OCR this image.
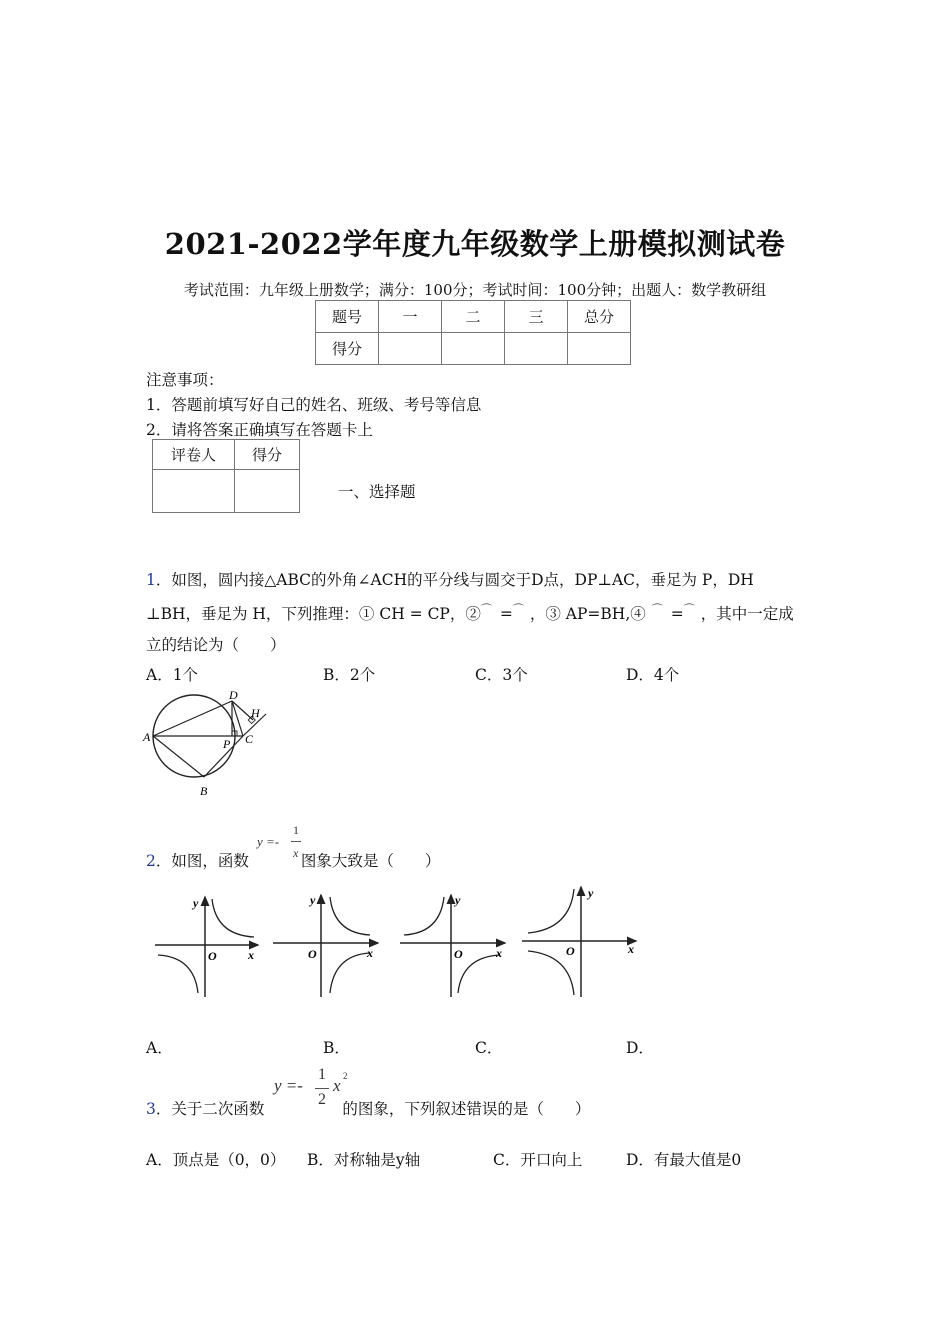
2021-2022学年度九年级数学上册模拟测试卷
考试范围：九年级上册数学；满分：100分；考试时间：100分钟；出题人：数学教研组
题号	一	二	三	总分
得分				
注意事项：
1．答题前填写好自己的姓名、班级、考号等信息
2．请将答案正确填写在答题卡上
评卷人	得分

一、选择题
1．如图，圆内接△ABC的外角∠ACH的平分线与圆交于D点，DP⊥AC，垂足为 P，DH
⊥BH，垂足为 H，下列推理：① CH = CP，②⌒ =⌒ ，③ AP=BH,④ ⌒ =⌒ ，其中一定成
立的结论为（　　）
A．1个	B．2个	C．3个	D．4个
A
B
C
D
P
H
2．如图，函数	图象大致是（　　）
y =-
1
x
y
x
O
y
x
O
y
x
O
y
x
O
A．	B．	C．	D．
3．关于二次函数	的图象，下列叙述错误的是（　　）
y =-
1
2
x 2
A．顶点是（0，0） B．对称轴是y轴	C．开口向上	D．有最大值是0
